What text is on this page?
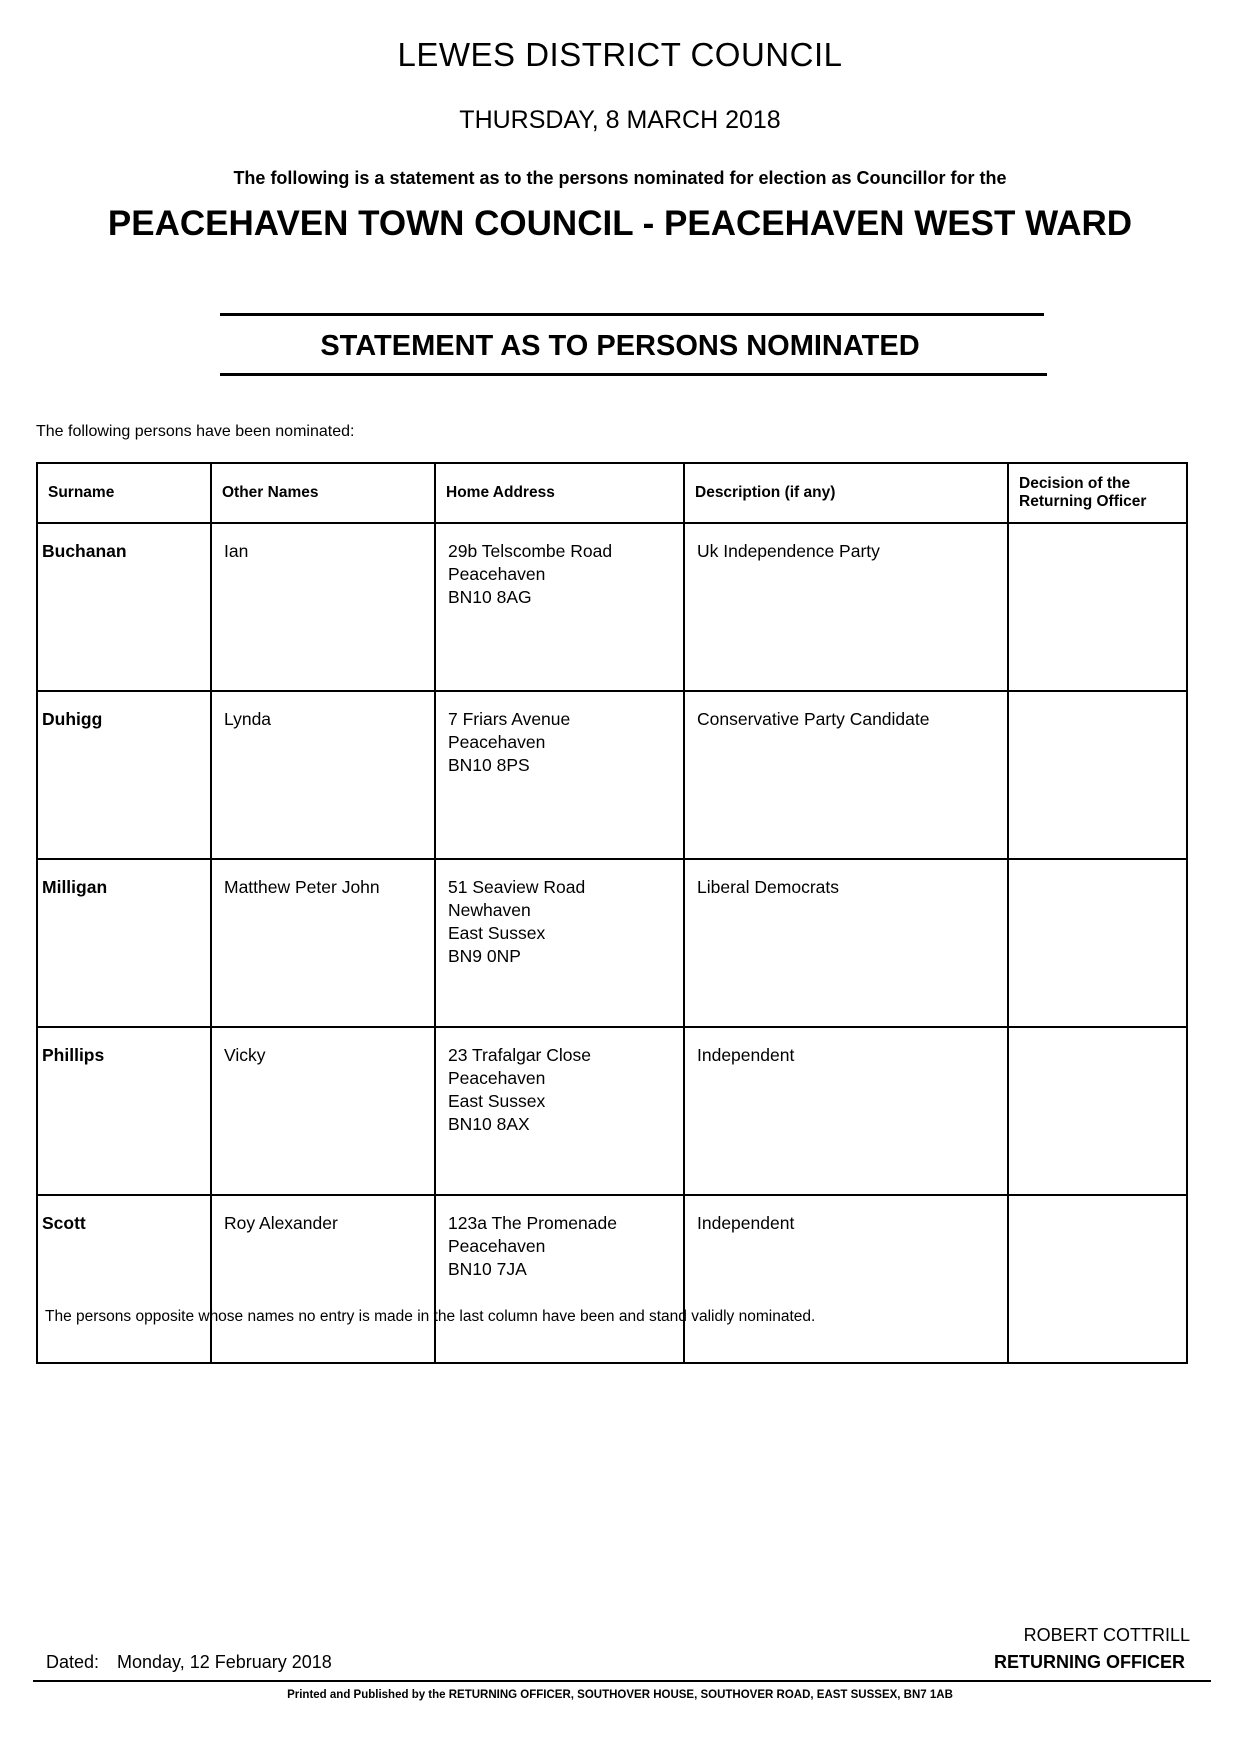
LEWES DISTRICT COUNCIL
THURSDAY, 8 MARCH 2018
The following is a statement as to the persons nominated for election as Councillor for the
PEACEHAVEN TOWN COUNCIL - PEACEHAVEN WEST WARD
STATEMENT AS TO PERSONS NOMINATED
The following persons have been nominated:
Surname	Other Names	Home Address	Description (if any)	Decision of the Returning Officer
Buchanan	Ian	29b Telscombe Road
Peacehaven
BN10 8AG	Uk Independence Party	
Duhigg	Lynda	7 Friars Avenue
Peacehaven
BN10 8PS	Conservative Party Candidate	
Milligan	Matthew Peter John	51 Seaview Road
Newhaven
East Sussex
BN9 0NP	Liberal Democrats	
Phillips	Vicky	23 Trafalgar Close
Peacehaven
East Sussex
BN10 8AX	Independent	
Scott	Roy Alexander	123a The Promenade
Peacehaven
BN10 7JA	Independent	
The persons opposite whose names no entry is made in the last column have been and stand validly nominated.
ROBERT COTTRILL
Dated: Monday, 12 February 2018	RETURNING OFFICER
Printed and Published by the RETURNING OFFICER, SOUTHOVER HOUSE, SOUTHOVER ROAD, EAST SUSSEX, BN7 1AB
